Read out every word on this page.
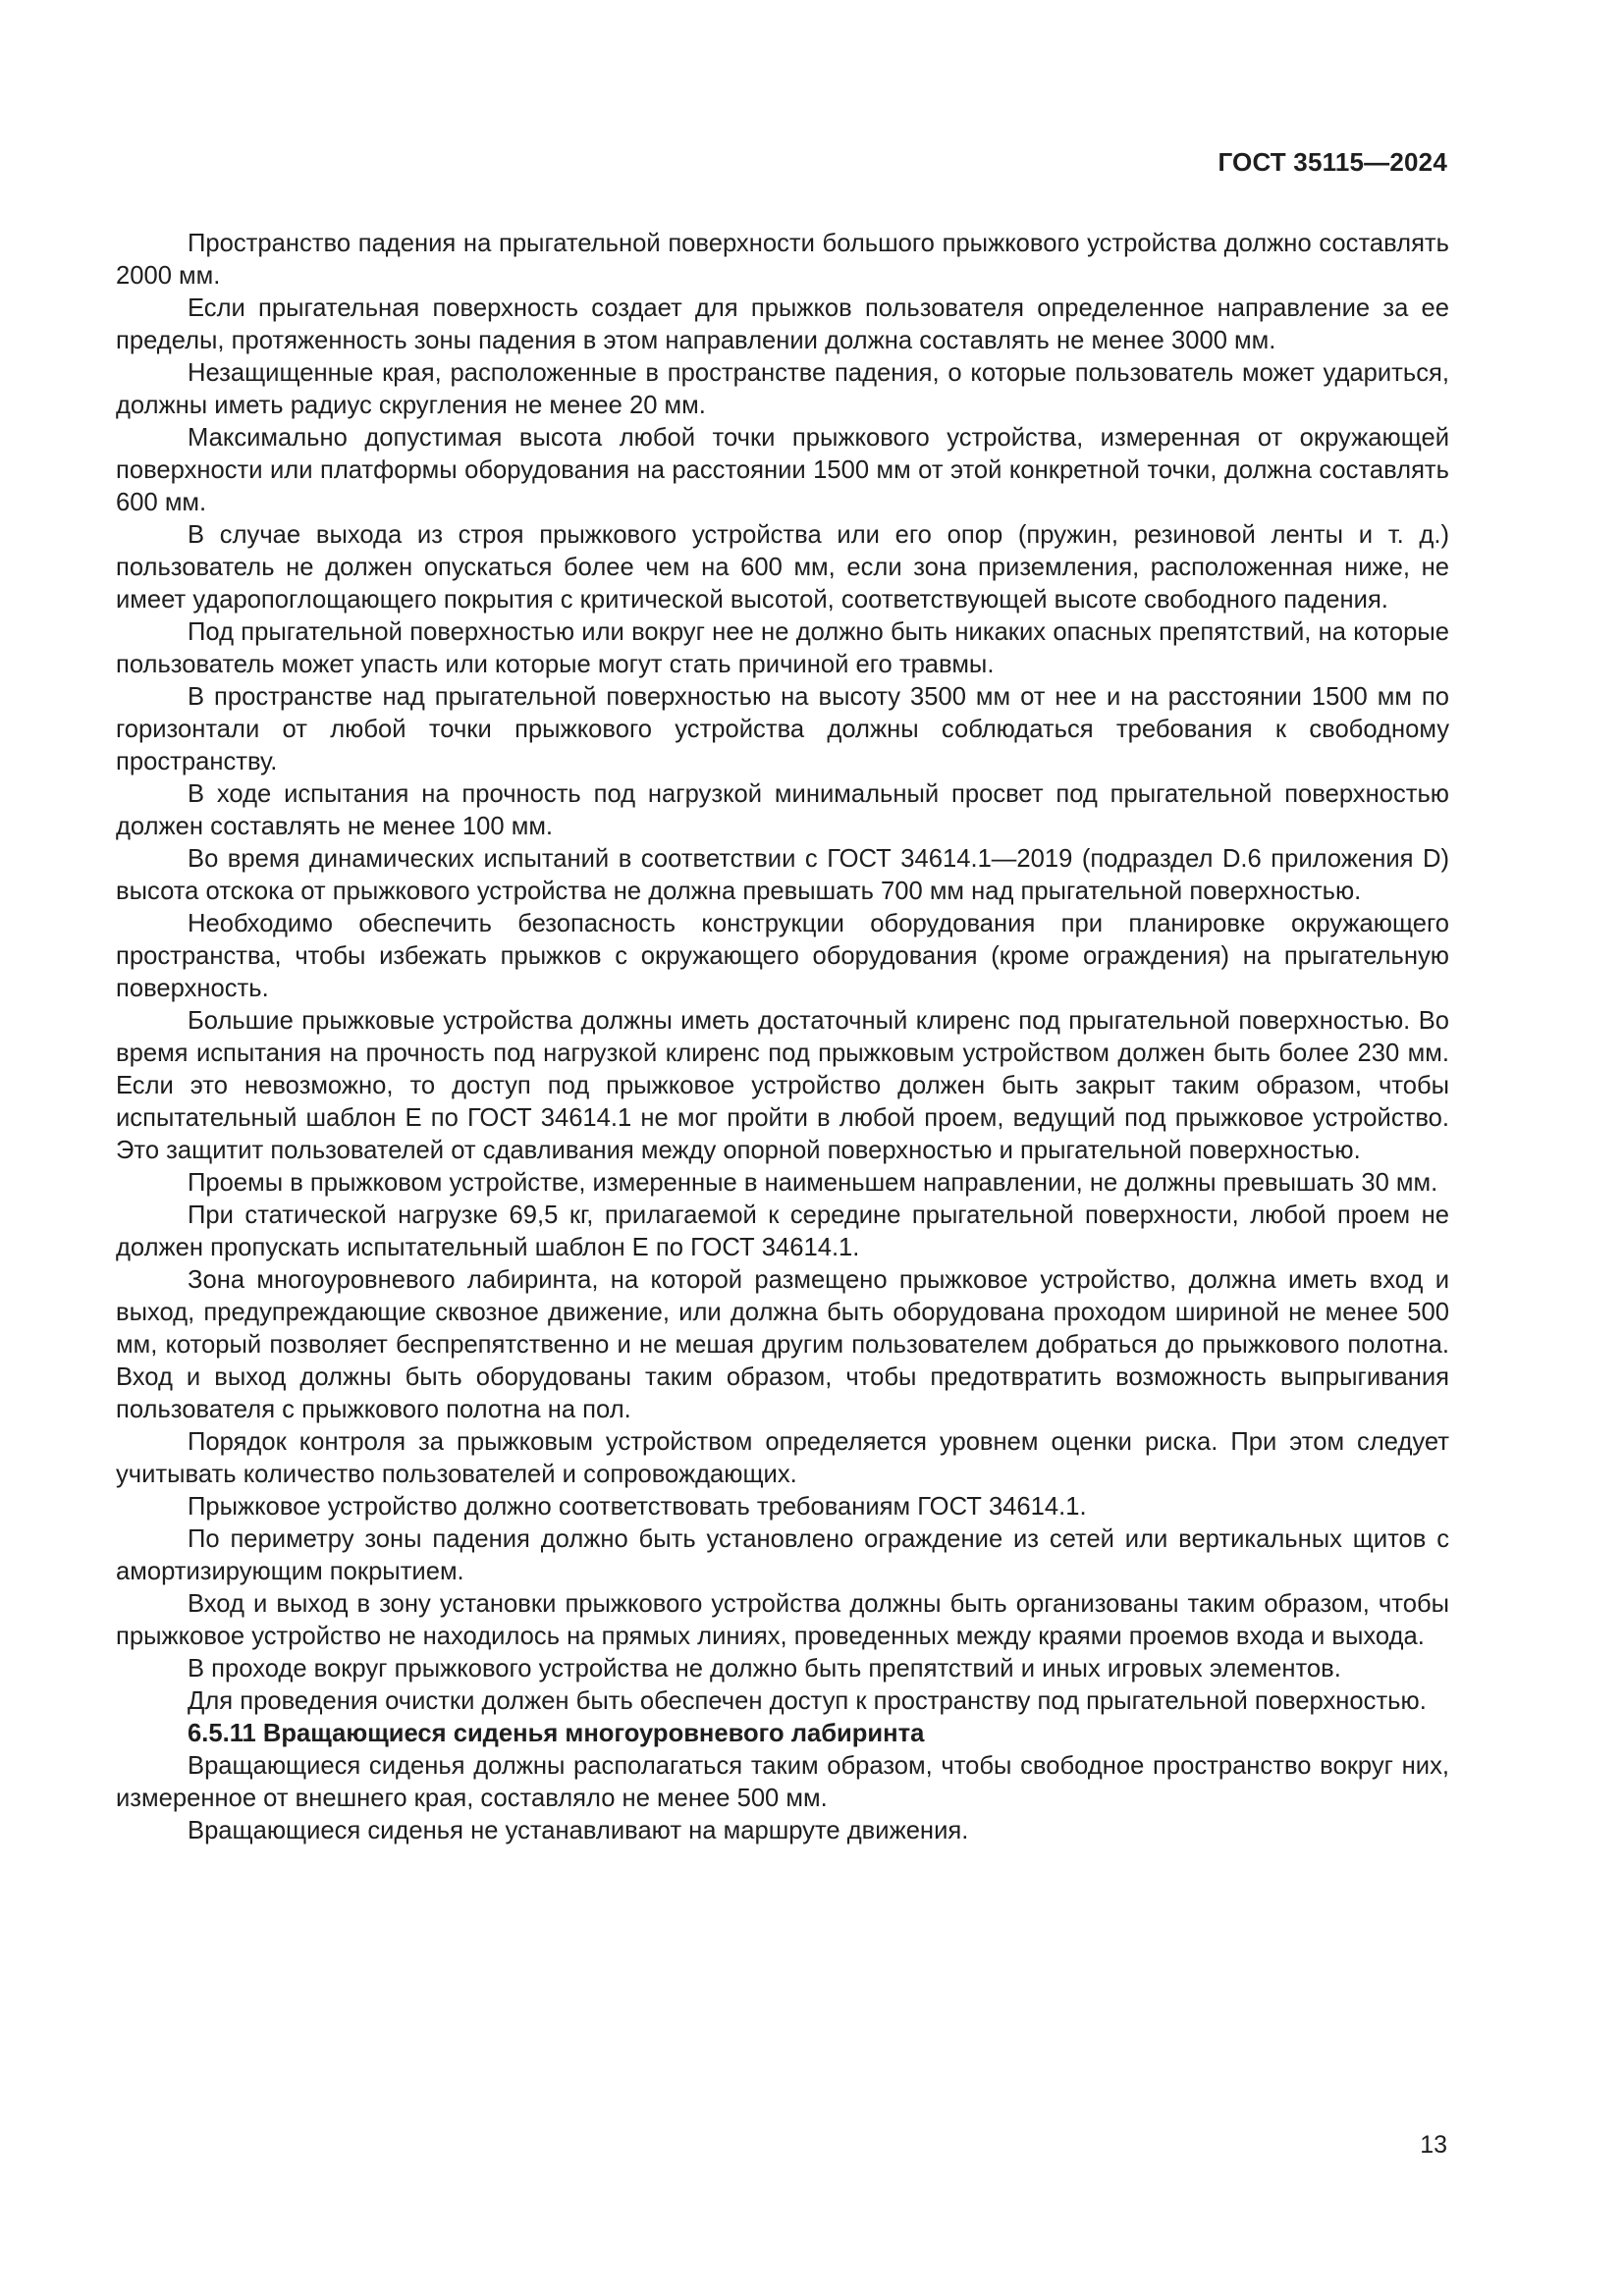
ГОСТ 35115—2024

Пространство падения на прыгательной поверхности большого прыжкового устройства должно составлять 2000 мм.

Если прыгательная поверхность создает для прыжков пользователя определенное направление за ее пределы, протяженность зоны падения в этом направлении должна составлять не менее 3000 мм.

Незащищенные края, расположенные в пространстве падения, о которые пользователь может удариться, должны иметь радиус скругления не менее 20 мм.

Максимально допустимая высота любой точки прыжкового устройства, измеренная от окружающей поверхности или платформы оборудования на расстоянии 1500 мм от этой конкретной точки, должна составлять 600 мм.

В случае выхода из строя прыжкового устройства или его опор (пружин, резиновой ленты и т. д.) пользователь не должен опускаться более чем на 600 мм, если зона приземления, расположенная ниже, не имеет ударопоглощающего покрытия с критической высотой, соответствующей высоте свободного падения.

Под прыгательной поверхностью или вокруг нее не должно быть никаких опасных препятствий, на которые пользователь может упасть или которые могут стать причиной его травмы.

В пространстве над прыгательной поверхностью на высоту 3500 мм от нее и на расстоянии 1500 мм по горизонтали от любой точки прыжкового устройства должны соблюдаться требования к свободному пространству.

В ходе испытания на прочность под нагрузкой минимальный просвет под прыгательной поверхностью должен составлять не менее 100 мм.

Во время динамических испытаний в соответствии с ГОСТ 34614.1—2019 (подраздел D.6 приложения D) высота отскока от прыжкового устройства не должна превышать 700 мм над прыгательной поверхностью.

Необходимо обеспечить безопасность конструкции оборудования при планировке окружающего пространства, чтобы избежать прыжков с окружающего оборудования (кроме ограждения) на прыгательную поверхность.

Большие прыжковые устройства должны иметь достаточный клиренс под прыгательной поверхностью. Во время испытания на прочность под нагрузкой клиренс под прыжковым устройством должен быть более 230 мм. Если это невозможно, то доступ под прыжковое устройство должен быть закрыт таким образом, чтобы испытательный шаблон Е по ГОСТ 34614.1 не мог пройти в любой проем, ведущий под прыжковое устройство. Это защитит пользователей от сдавливания между опорной поверхностью и прыгательной поверхностью.

Проемы в прыжковом устройстве, измеренные в наименьшем направлении, не должны превышать 30 мм.

При статической нагрузке 69,5 кг, прилагаемой к середине прыгательной поверхности, любой проем не должен пропускать испытательный шаблон Е по ГОСТ 34614.1.

Зона многоуровневого лабиринта, на которой размещено прыжковое устройство, должна иметь вход и выход, предупреждающие сквозное движение, или должна быть оборудована проходом шириной не менее 500 мм, который позволяет беспрепятственно и не мешая другим пользователем добраться до прыжкового полотна. Вход и выход должны быть оборудованы таким образом, чтобы предотвратить возможность выпрыгивания пользователя с прыжкового полотна на пол.

Порядок контроля за прыжковым устройством определяется уровнем оценки риска. При этом следует учитывать количество пользователей и сопровождающих.

Прыжковое устройство должно соответствовать требованиям ГОСТ 34614.1.

По периметру зоны падения должно быть установлено ограждение из сетей или вертикальных щитов с амортизирующим покрытием.

Вход и выход в зону установки прыжкового устройства должны быть организованы таким образом, чтобы прыжковое устройство не находилось на прямых линиях, проведенных между краями проемов входа и выхода.

В проходе вокруг прыжкового устройства не должно быть препятствий и иных игровых элементов.

Для проведения очистки должен быть обеспечен доступ к пространству под прыгательной поверхностью.

6.5.11 Вращающиеся сиденья многоуровневого лабиринта

Вращающиеся сиденья должны располагаться таким образом, чтобы свободное пространство вокруг них, измеренное от внешнего края, составляло не менее 500 мм.

Вращающиеся сиденья не устанавливают на маршруте движения.

13
